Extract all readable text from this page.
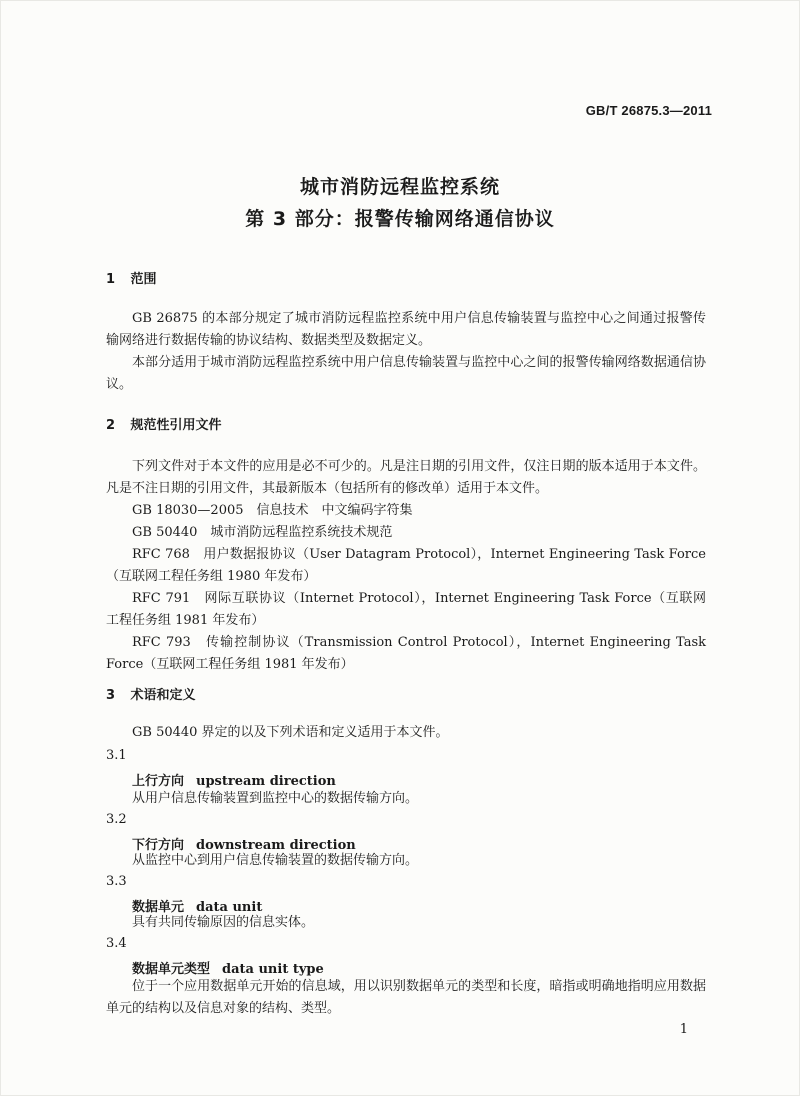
GB/T 26875.3—2011
城市消防远程监控系统
第 3 部分：报警传输网络通信协议
1 范围
GB 26875 的本部分规定了城市消防远程监控系统中用户信息传输装置与监控中心之间通过报警传输网络进行数据传输的协议结构、数据类型及数据定义。
本部分适用于城市消防远程监控系统中用户信息传输装置与监控中心之间的报警传输网络数据通信协议。
2 规范性引用文件
下列文件对于本文件的应用是必不可少的。凡是注日期的引用文件，仅注日期的版本适用于本文件。凡是不注日期的引用文件，其最新版本（包括所有的修改单）适用于本文件。
GB 18030—2005　信息技术　中文编码字符集
GB 50440　城市消防远程监控系统技术规范
RFC 768　用户数据报协议（User Datagram Protocol），Internet Engineering Task Force（互联网工程任务组 1980 年发布）
RFC 791　网际互联协议（Internet Protocol），Internet Engineering Task Force（互联网工程任务组 1981 年发布）
RFC 793　传输控制协议（Transmission Control Protocol），Internet Engineering Task Force（互联网工程任务组 1981 年发布）
3 术语和定义
GB 50440 界定的以及下列术语和定义适用于本文件。
3.1
上行方向 upstream direction
从用户信息传输装置到监控中心的数据传输方向。
3.2
下行方向 downstream direction
从监控中心到用户信息传输装置的数据传输方向。
3.3
数据单元 data unit
具有共同传输原因的信息实体。
3.4
数据单元类型 data unit type
位于一个应用数据单元开始的信息域，用以识别数据单元的类型和长度，暗指或明确地指明应用数据单元的结构以及信息对象的结构、类型。
1
